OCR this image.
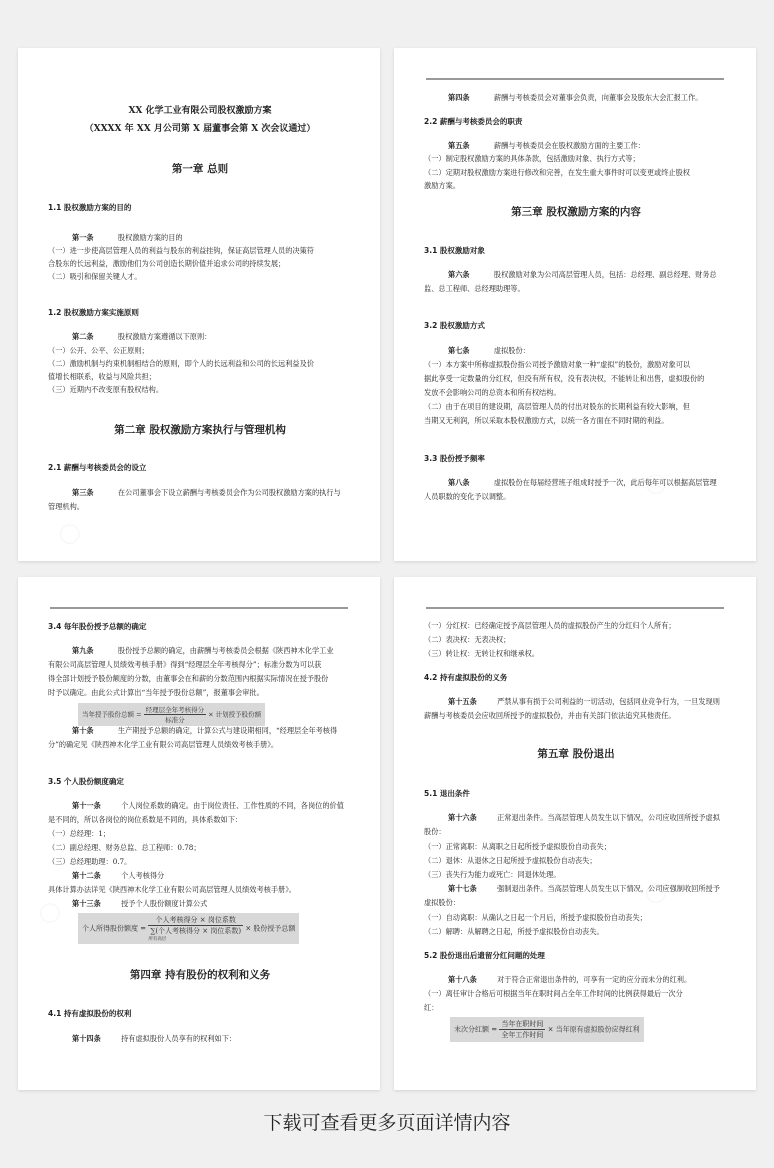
XX 化学工业有限公司股权激励方案
（XXXX 年 XX 月公司第 X 届董事会第 X 次会议通过）
第一章 总则
1.1 股权激励方案的目的
第一条	股权激励方案的目的
（一）进一步使高层管理人员的利益与股东的利益挂钩，保证高层管理人员的决策符
合股东的长远利益，激励他们为公司创造长期价值并追求公司的持续发展；
（二）吸引和保留关键人才。
1.2 股权激励方案实施原则
第二条	股权激励方案遵循以下原则：
（一）公开、公平、公正原则；
（二）激励机制与约束机制相结合的原则，即个人的长远利益和公司的长远利益及价
值增长相联系，收益与风险共担；
（三）近期内不改变原有股权结构。
第二章 股权激励方案执行与管理机构
2.1 薪酬与考核委员会的设立
第三条	在公司董事会下设立薪酬与考核委员会作为公司股权激励方案的执行与
管理机构。
第四条	薪酬与考核委员会对董事会负责，向董事会及股东大会汇报工作。
2.2 薪酬与考核委员会的职责
第五条	薪酬与考核委员会在股权激励方面的主要工作：
（一）制定股权激励方案的具体条款，包括激励对象、执行方式等；
（二）定期对股权激励方案进行修改和完善，在发生重大事件时可以变更或终止股权
激励方案。
第三章 股权激励方案的内容
3.1 股权激励对象
第六条	股权激励对象为公司高层管理人员，包括：总经理、副总经理、财务总
监、总工程师、总经理助理等。
3.2 股权激励方式
第七条	虚拟股份：
（一）本方案中所称虚拟股份指公司授予激励对象一种“虚拟”的股份，激励对象可以
据此享受一定数量的分红权，但没有所有权，没有表决权，不能转让和出售，虚拟股份的
发放不会影响公司的总资本和所有权结构。
（二）由于在项目的建设期，高层管理人员的付出对股东的长期利益有较大影响，但
当期又无利润，所以采取本股权激励方式，以统一各方面在不同时期的利益。
3.3 股份授予频率
第八条	虚拟股份在每届经营班子组成时授予一次，此后每年可以根据高层管理
人员职数的变化予以调整。
3.4 每年股份授予总额的确定
第九条	股份授予总额的确定，由薪酬与考核委员会根据《陕西神木化学工业
有限公司高层管理人员绩效考核手册》得到“经理层全年考核得分”；标准分数为可以获
得全部计划授予股份额度的分数，由董事会在和薪的分数范围内根据实际情况在授予股份
时予以确定。由此公式计算出“当年授予股份总额”，报董事会审批。
当年授予股份总额 = $\frac{\text{经理层全年考核得分}}{\text{标准分}}$ × 计划授予股份额
第十条	生产期授予总额的确定，计算公式与建设期相同，“经理层全年考核得
分”的确定见《陕西神木化学工业有限公司高层管理人员绩效考核手册》。
3.5 个人股份额度确定
第十一条	个人岗位系数的确定。由于岗位责任、工作性质的不同，各岗位的价值
是不同的，所以各岗位的岗位系数是不同的，具体系数如下：
（一）总经理：1；
（二）副总经理、财务总监、总工程师：0.78；
（三）总经理助理：0.7。
第十二条	个人考核得分
具体计算办法详见《陕西神木化学工业有限公司高层管理人员绩效考核手册》。
第十三条	授予个人股份额度计算公式
个人所得股份额度 =
个人考核得分 × 岗位系数
∑(个人考核得分 × 岗位系数)
所有高层
× 股份授予总额
第四章 持有股份的权利和义务
4.1 持有虚拟股份的权利
第十四条	持有虚拟股份人员享有的权利如下：
（一）分红权：已经确定授予高层管理人员的虚拟股份产生的分红归个人所有；
（二）表决权：无表决权；
（三）转让权：无转让权和继承权。
4.2 持有虚拟股份的义务
第十五条	严禁从事有损于公司利益的一切活动，包括同业竞争行为，一旦发现则
薪酬与考核委员会应收回所授予的虚拟股份，并由有关部门依法追究其他责任。
第五章 股份退出
5.1 退出条件
第十六条	正常退出条件。当高层管理人员发生以下情况，公司应收回所授予虚拟
股份：
（一）正常离职：从离职之日起所授予虚拟股份自动丧失；
（二）退休：从退休之日起所授予虚拟股份自动丧失；
（三）丧失行为能力或死亡：同退休处理。
第十七条	强制退出条件。当高层管理人员发生以下情况，公司应强制收回所授予
虚拟股份：
（一）自动离职：从确认之日起一个月后，所授予虚拟股份自动丧失；
（二）解聘：从解聘之日起，所授予虚拟股份自动丧失。
5.2 股份退出后遗留分红问题的处理
第十八条	对于符合正常退出条件的，可享有一定的应分而未分的红利。
（一）离任审计合格后可根据当年在职时间占全年工作时间的比例获得最后一次分
红：
末次分红额 = $\frac{\text{当年在职时间}}{\text{全年工作时间}}$ × 当年原有虚拟股份应得红利
下载可查看更多页面详情内容
